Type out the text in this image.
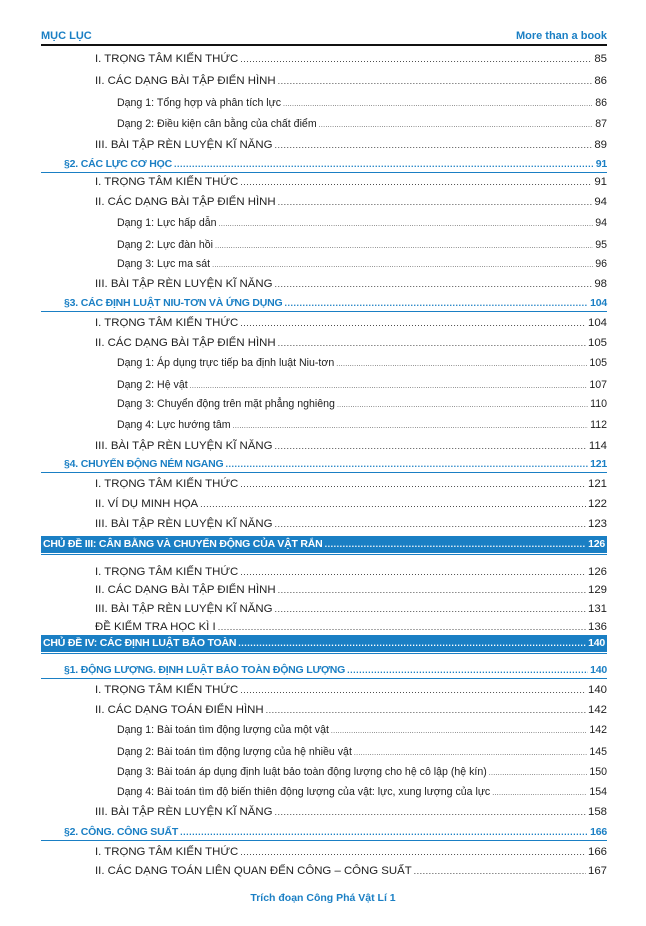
MỤC LỤC	More than a book
I. TRỌNG TÂM KIẾN THỨC .....	85
II. CÁC DẠNG BÀI TẬP ĐIỂN HÌNH .....	86
Dạng 1: Tổng hợp và phân tích lực .....	86
Dạng 2: Điều kiện cân bằng của chất điểm .....	87
III. BÀI TẬP RÈN LUYỆN KĨ NĂNG .....	89
§2. CÁC LỰC CƠ HỌC .....	91
I. TRỌNG TÂM KIẾN THỨC .....	91
II. CÁC DẠNG BÀI TẬP ĐIỂN HÌNH .....	94
Dạng 1: Lực hấp dẫn .....	94
Dạng 2: Lực đàn hồi .....	95
Dạng 3: Lực ma sát .....	96
III. BÀI TẬP RÈN LUYỆN KĨ NĂNG .....	98
§3. CÁC ĐỊNH LUẬT NIU-TƠN VÀ ỨNG DỤNG .....	104
I. TRỌNG TÂM KIẾN THỨC .....	104
II. CÁC DẠNG BÀI TẬP ĐIỂN HÌNH .....	105
Dạng 1: Áp dụng trực tiếp ba định luật Niu-tơn .....	105
Dạng 2: Hệ vật .....	107
Dạng 3: Chuyển động trên mặt phẳng nghiêng .....	110
Dạng 4: Lực hướng tâm .....	112
III. BÀI TẬP RÈN LUYỆN KĨ NĂNG .....	114
§4. CHUYỂN ĐỘNG NÉM NGANG .....	121
I. TRỌNG TÂM KIẾN THỨC .....	121
II. VÍ DỤ MINH HỌA .....	122
III. BÀI TẬP RÈN LUYỆN KĨ NĂNG .....	123
CHỦ ĐỀ III: CÂN BẰNG VÀ CHUYỂN ĐỘNG CỦA VẬT RẮN .....	126
I. TRỌNG TÂM KIẾN THỨC .....	126
II. CÁC DẠNG BÀI TẬP ĐIỂN HÌNH .....	129
III. BÀI TẬP RÈN LUYỆN KĨ NĂNG .....	131
ĐỀ KIỂM TRA HỌC KÌ I .....	136
CHỦ ĐỀ IV: CÁC ĐỊNH LUẬT BẢO TOÀN .....	140
§1. ĐỘNG LƯỢNG. ĐỊNH LUẬT BẢO TOÀN ĐỘNG LƯỢNG .....	140
I. TRỌNG TÂM KIẾN THỨC .....	140
II. CÁC DẠNG TOÁN ĐIỂN HÌNH .....	142
Dạng 1: Bài toán tìm động lượng của một vật .....	142
Dạng 2: Bài toán tìm động lượng của hệ nhiều vật .....	145
Dạng 3: Bài toán áp dụng định luật bảo toàn động lượng cho hệ cô lập (hệ kín) .....	150
Dạng 4: Bài toán tìm độ biến thiên động lượng của vật: lực, xung lượng của lực .....	154
III. BÀI TẬP RÈN LUYỆN KĨ NĂNG .....	158
§2. CÔNG. CÔNG SUẤT .....	166
I. TRỌNG TÂM KIẾN THỨC .....	166
II. CÁC DẠNG TOÁN LIÊN QUAN ĐẾN CÔNG – CÔNG SUẤT .....	167
Trích đoạn Công Phá Vật Lí 1
